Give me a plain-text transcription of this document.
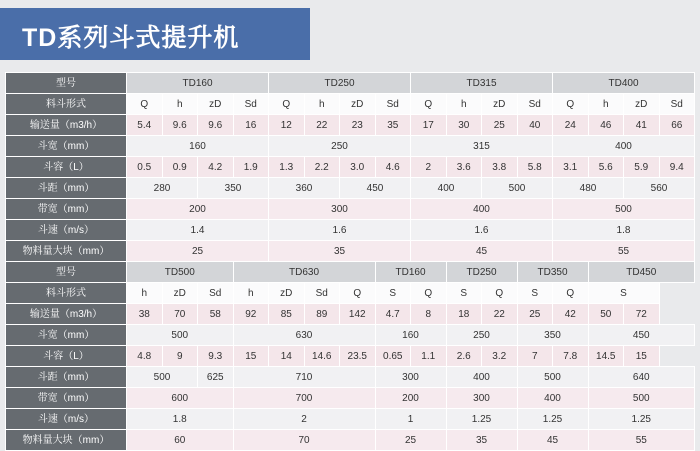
TD系列斗式提升机
型号	TD160				TD250				TD315				TD400			
料斗形式	Q	h	zD	Sd	Q	h	zD	Sd	Q	h	zD	Sd	Q	h	zD	Sd
输送量（m3/h）	5.4	9.6	9.6	16	12	22	23	35	17	30	25	40	24	46	41	66
斗宽（mm）	160				250				315				400			
斗容（L）	0.5	0.9	4.2	1.9	1.3	2.2	3.0	4.6	2	3.6	3.8	5.8	3.1	5.6	5.9	9.4
斗距（mm）	280		350		360		450		400		500		480		560	
带宽（mm）	200				300				400				500			
斗速（m/s）	1.4				1.6				1.6				1.8			
物料量大块（mm）	25				35				45				55			
型号	TD500			TD630				TD160		TD250		TD350		TD450		
料斗形式	h	zD	Sd	h	zD	Sd	Q	S	Q	S	Q	S	Q	S		
输送量（m3/h）	38	70	58	92	85	89	142	4.7	8	18	22	25	42	50	72	
斗宽（mm）	500			630				160		250		350		450		
斗容（L）	4.8	9	9.3	15	14	14.6	23.5	0.65	1.1	2.6	3.2	7	7.8	14.5	15	
斗距（mm）	500		625	710				300		400		500		640		
带宽（mm）	600			700				200		300		400		500		
斗速（m/s）	1.8			2				1		1.25		1.25		1.25		
物料量大块（mm）	60			70				25		35		45		55		
